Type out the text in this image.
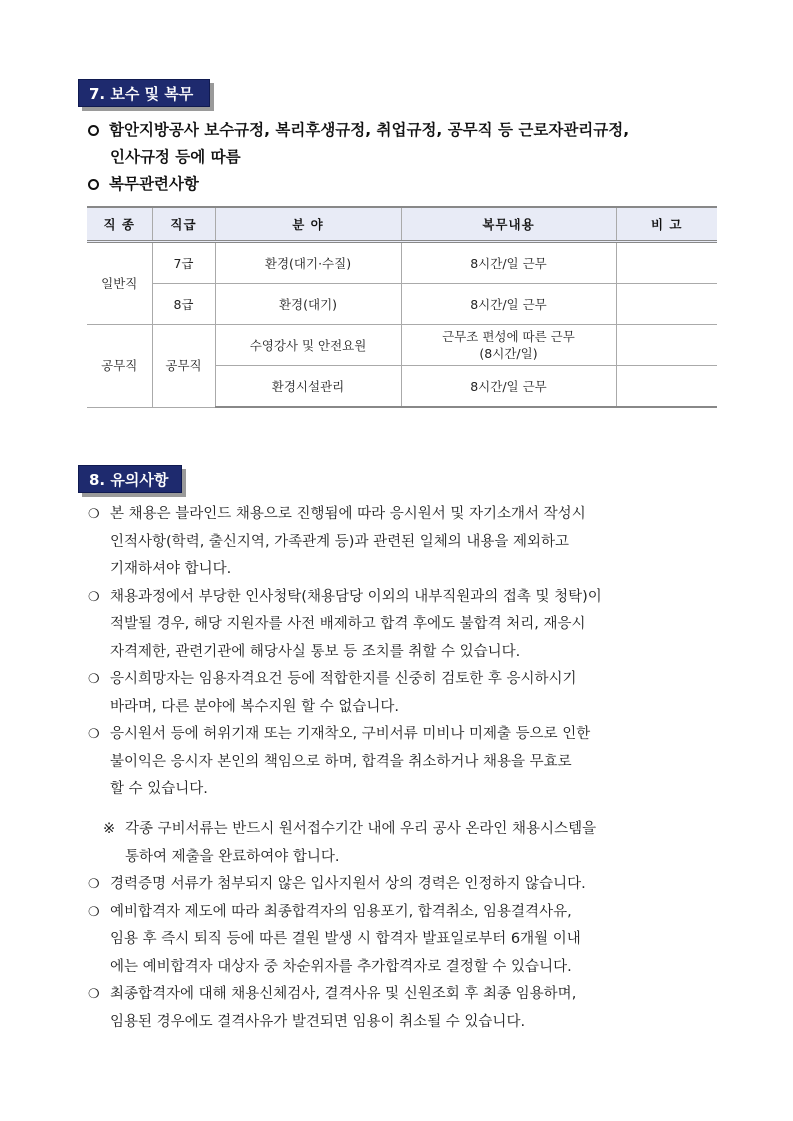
7. 보수 및 복무
함안지방공사 보수규정, 복리후생규정, 취업규정, 공무직 등 근로자관리규정,
인사규정 등에 따름
복무관련사항
직 종	직급	분 야	복무내용	비 고
일반직	7급	환경(대기·수질)	8시간/일 근무	
	8급	환경(대기)	8시간/일 근무	
공무직	공무직	수영강사 및 안전요원	근무조 편성에 따른 근무
(8시간/일)	

		환경시설관리	8시간/일 근무	
8. 유의사항
❍ 본 채용은 블라인드 채용으로 진행됨에 따라 응시원서 및 자기소개서 작성시
인적사항(학력, 출신지역, 가족관계 등)과 관련된 일체의 내용을 제외하고
기재하셔야 합니다.
❍ 채용과정에서 부당한 인사청탁(채용담당 이외의 내부직원과의 접촉 및 청탁)이
적발될 경우, 해당 지원자를 사전 배제하고 합격 후에도 불합격 처리, 재응시
자격제한, 관련기관에 해당사실 통보 등 조치를 취할 수 있습니다.
❍ 응시희망자는 임용자격요건 등에 적합한지를 신중히 검토한 후 응시하시기
바라며, 다른 분야에 복수지원 할 수 없습니다.
❍ 응시원서 등에 허위기재 또는 기재착오, 구비서류 미비나 미제출 등으로 인한
불이익은 응시자 본인의 책임으로 하며, 합격을 취소하거나 채용을 무효로
할 수 있습니다.
※ 각종 구비서류는 반드시 원서접수기간 내에 우리 공사 온라인 채용시스템을
통하여 제출을 완료하여야 합니다.
❍ 경력증명 서류가 첨부되지 않은 입사지원서 상의 경력은 인정하지 않습니다.
❍ 예비합격자 제도에 따라 최종합격자의 임용포기, 합격취소, 임용결격사유,
임용 후 즉시 퇴직 등에 따른 결원 발생 시 합격자 발표일로부터 6개월 이내
에는 예비합격자 대상자 중 차순위자를 추가합격자로 결정할 수 있습니다.
❍ 최종합격자에 대해 채용신체검사, 결격사유 및 신원조회 후 최종 임용하며,
임용된 경우에도 결격사유가 발견되면 임용이 취소될 수 있습니다.
